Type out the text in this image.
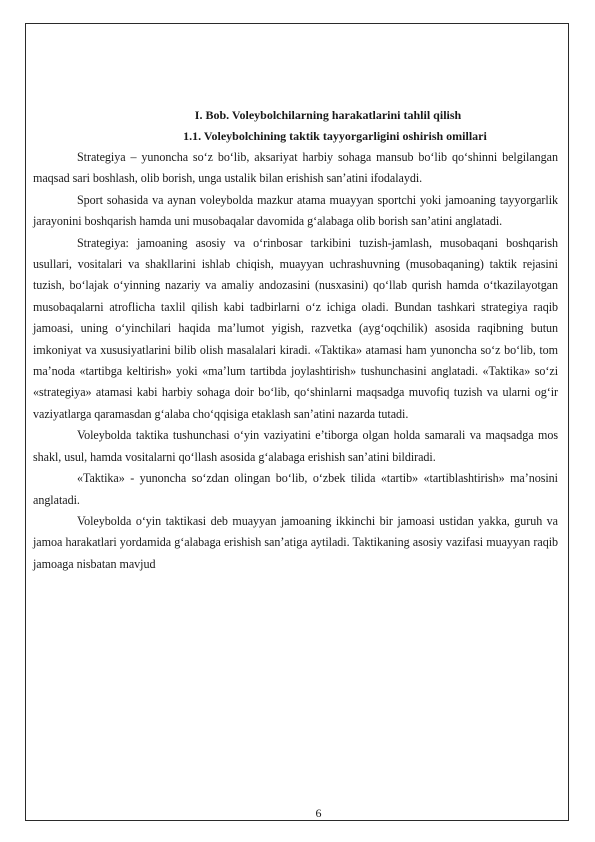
I. Bob. Voleybolchilarning harakatlarini tahlil qilish

1.1. Voleybolchining taktik tayyorgarligini oshirish omillari

Strategiya – yunoncha so‘z bo‘lib, aksariyat harbiy sohaga mansub bo‘lib qo‘shinni belgilangan maqsad sari boshlash, olib borish, unga ustalik bilan erishish san’atini ifodalaydi.

Sport sohasida va aynan voleybolda mazkur atama muayyan sportchi yoki jamoaning tayyorgarlik jarayonini boshqarish hamda uni musobaqalar davomida g‘alabaga olib borish san’atini anglatadi.

Strategiya: jamoaning asosiy va o‘rinbosar tarkibini tuzish-jamlash, musobaqani boshqarish usullari, vositalari va shakllarini ishlab chiqish, muayyan uchrashuvning (musobaqaning) taktik rejasini tuzish, bo‘lajak o‘yinning nazariy va amaliy andozasini (nusxasini) qo‘llab qurish hamda o‘tkazilayotgan musobaqalarni atroflicha taxlil qilish kabi tadbirlarni o‘z ichiga oladi. Bundan tashkari strategiya raqib jamoasi, uning o‘yinchilari haqida ma’lumot yigish, razvetka (ayg‘oqchilik) asosida raqibning butun imkoniyat va xususiyatlarini bilib olish masalalari kiradi. «Taktika» atamasi ham yunoncha so‘z bo‘lib, tom ma’noda «tartibga keltirish» yoki «ma’lum tartibda joylashtirish» tushunchasini anglatadi. «Taktika» so‘zi «strategiya» atamasi kabi harbiy sohaga doir bo‘lib, qo‘shinlarni maqsadga muvofiq tuzish va ularni og‘ir vaziyatlarga qaramasdan g‘alaba cho‘qqisiga etaklash san’atini nazarda tutadi.

Voleybolda taktika tushunchasi o‘yin vaziyatini e’tiborga olgan holda samarali va maqsadga mos shakl, usul, hamda vositalarni qo‘llash asosida g‘alabaga erishish san’atini bildiradi.

«Taktika» - yunoncha so‘zdan olingan bo‘lib, o‘zbek tilida «tartib» «tartiblashtirish» ma’nosini anglatadi.

Voleybolda o‘yin taktikasi deb muayyan jamoaning ikkinchi bir jamoasi ustidan yakka, guruh va jamoa harakatlari yordamida g‘alabaga erishish san’atiga aytiladi. Taktikaning asosiy vazifasi muayyan raqib jamoaga nisbatan mavjud

6
